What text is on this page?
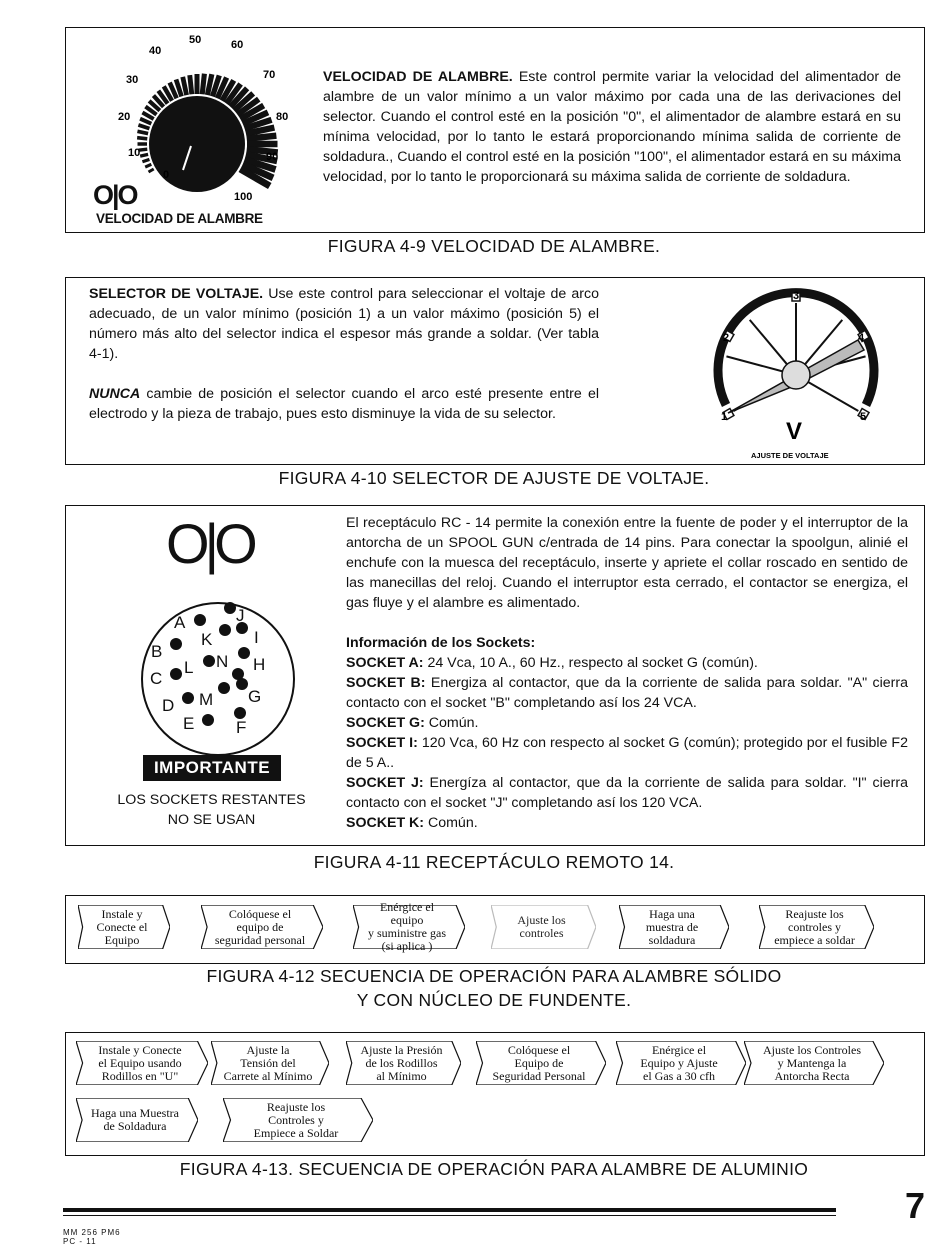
0
10
20
30
40
50	60
70
80
90
100
O|O
VELOCIDAD DE ALAMBRE
VELOCIDAD DE ALAMBRE. Este control permite variar la velocidad del alimentador de alambre de un valor mínimo a un valor máximo por cada una de las derivaciones del selector. Cuando el control esté en la posición "0", el alimentador de alambre estará en su mínima velocidad, por lo tanto le estará proporcionando mínima salida de corriente de soldadura., Cuando el control esté en la posición "100", el alimentador estará en su máxima velocidad, por lo tanto le proporcionará su máxima salida de corriente de soldadura.
FIGURA 4-9 VELOCIDAD DE ALAMBRE.
SELECTOR DE VOLTAJE. Use este control para seleccionar el voltaje de arco adecuado, de un valor mínimo (posición 1) a un valor máximo (posición 5) el número más alto del selector indica el espesor más grande a soldar. (Ver tabla 4-1).

NUNCA cambie de posición el selector cuando el arco esté presente entre el electrodo y la pieza de trabajo, pues esto disminuye la vida de su selector.
3
2	4
1	5
V
AJUSTE DE VOLTAJE
FIGURA 4-10 SELECTOR DE AJUSTE DE VOLTAJE.
O|O
A
B
C
D
E F
G
H
I
J
K
L
M
N
IMPORTANTE
LOS SOCKETS RESTANTES
NO SE USAN
El receptáculo RC - 14 permite la conexión entre la fuente de poder y el interruptor de la antorcha de un SPOOL GUN c/entrada de 14 pins. Para conectar la spoolgun, alinié el enchufe con la muesca del receptáculo, inserte y apriete el collar roscado en sentido de las manecillas del reloj. Cuando el interruptor esta cerrado, el contactor se energiza, el gas fluye y el alambre es alimentado.
Información de los Sockets:
SOCKET A: 24 Vca, 10 A., 60 Hz., respecto al socket G (común).
SOCKET B: Energiza al contactor, que da la corriente de salida para soldar. "A" cierra contacto con el socket "B" completando así los 24 VCA.
SOCKET G: Común.
SOCKET I: 120 Vca, 60 Hz con respecto al socket G (común); protegido por el fusible F2 de 5 A..
SOCKET J: Energíza al contactor, que da la corriente de salida para soldar. "I" cierra contacto con el socket "J" completando así los 120 VCA.
SOCKET K: Común.
FIGURA 4-11 RECEPTÁCULO REMOTO 14.
Instale y
Conecte el
Equipo
Colóquese el
equipo de
seguridad personal
Enérgice el equipo
y suministre gas
(si aplica )
Ajuste los
controles
Haga una
muestra de
soldadura
Reajuste los
controles y
empiece a soldar
FIGURA 4-12 SECUENCIA DE OPERACIÓN PARA ALAMBRE SÓLIDO
Y CON NÚCLEO DE FUNDENTE.
Instale y Conecte
el Equipo usando
Rodillos en "U"
Ajuste la
Tensión del
Carrete al Mínimo
Ajuste la Presión
de los Rodillos
al Mínimo
Colóquese el
Equipo de
Seguridad Personal
Enérgice el
Equipo y Ajuste
el Gas a 30 cfh
Ajuste los Controles
y Mantenga la
Antorcha Recta
Haga una Muestra
de Soldadura
Reajuste los
Controles y
Empiece a Soldar
FIGURA 4-13. SECUENCIA DE OPERACIÓN PARA ALAMBRE DE ALUMINIO
7
MM 256 PM6
PC - 11
